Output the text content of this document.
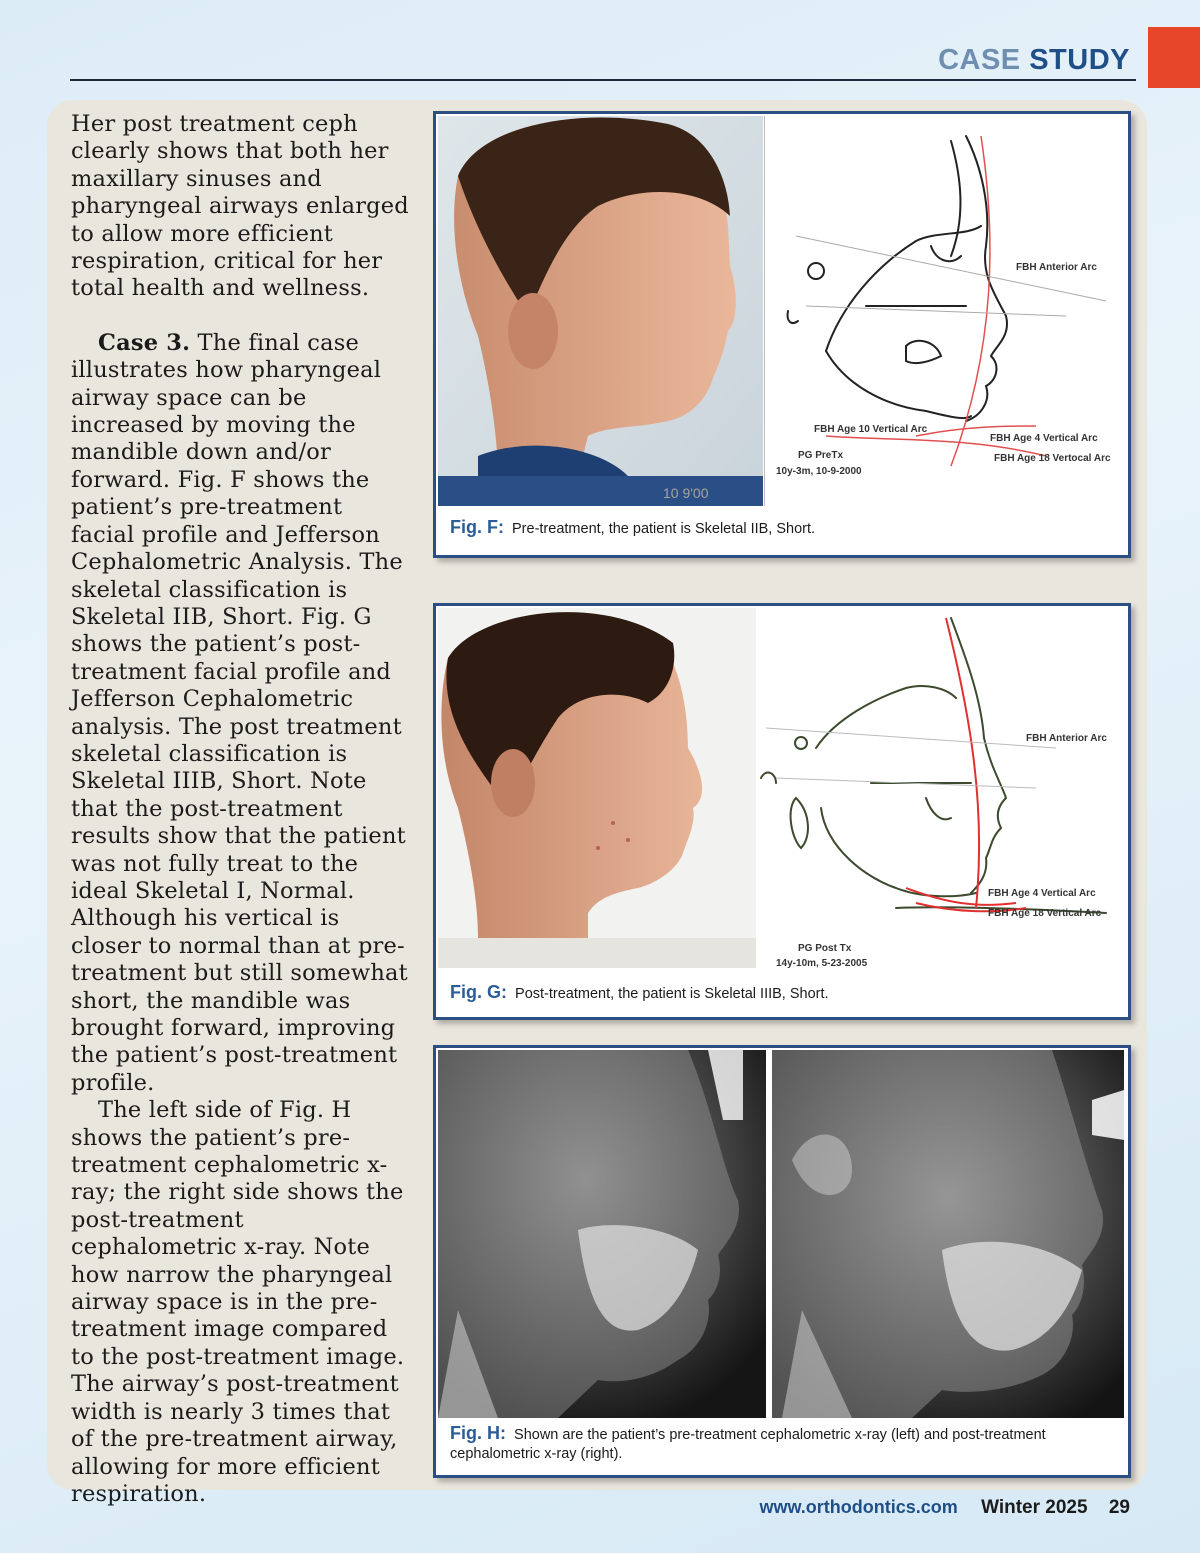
CASE STUDY

Her post treatment ceph clearly shows that both her maxillary sinuses and pharyngeal airways enlarged to allow more efficient respiration, critical for her total health and wellness.

Case 3. The final case illustrates how pharyngeal airway space can be increased by moving the mandible down and/or forward. Fig. F shows the patient’s pre-treatment facial profile and Jefferson Cephalometric Analysis. The skeletal classification is Skeletal IIB, Short. Fig. G shows the patient’s post-treatment facial profile and Jefferson Cephalometric analysis. The post treatment skeletal classification is Skeletal IIIB, Short. Note that the post-treatment results show that the patient was not fully treat to the ideal Skeletal I, Normal. Although his vertical is closer to normal than at pre-treatment but still somewhat short, the mandible was brought forward, improving the patient’s post-treatment profile.

The left side of Fig. H shows the patient’s pre-treatment cephalometric x-ray; the right side shows the post-treatment cephalometric x-ray. Note how narrow the pharyngeal airway space is in the pre-treatment image compared to the post-treatment image. The airway’s post-treatment width is nearly 3 times that of the pre-treatment airway, allowing for more efficient respiration.

10 9'00
FBH Anterior Arc
FBH Age 10 Vertical Arc
FBH Age 4 Vertical Arc
FBH Age 18 Vertocal Arc
PG PreTx
10y-3m, 10-9-2000
Fig. F: Pre-treatment, the patient is Skeletal IIB, Short.
FBH Anterior Arc
FBH Age 4 Vertical Arc
FBH Age 18 Vertical Arc
PG Post Tx
14y-10m, 5-23-2005
Fig. G: Post-treatment, the patient is Skeletal IIIB, Short.
Fig. H: Shown are the patient’s pre-treatment cephalometric x-ray (left) and post-treatment cephalometric x-ray (right).
www.orthodontics.com Winter 2025 29
